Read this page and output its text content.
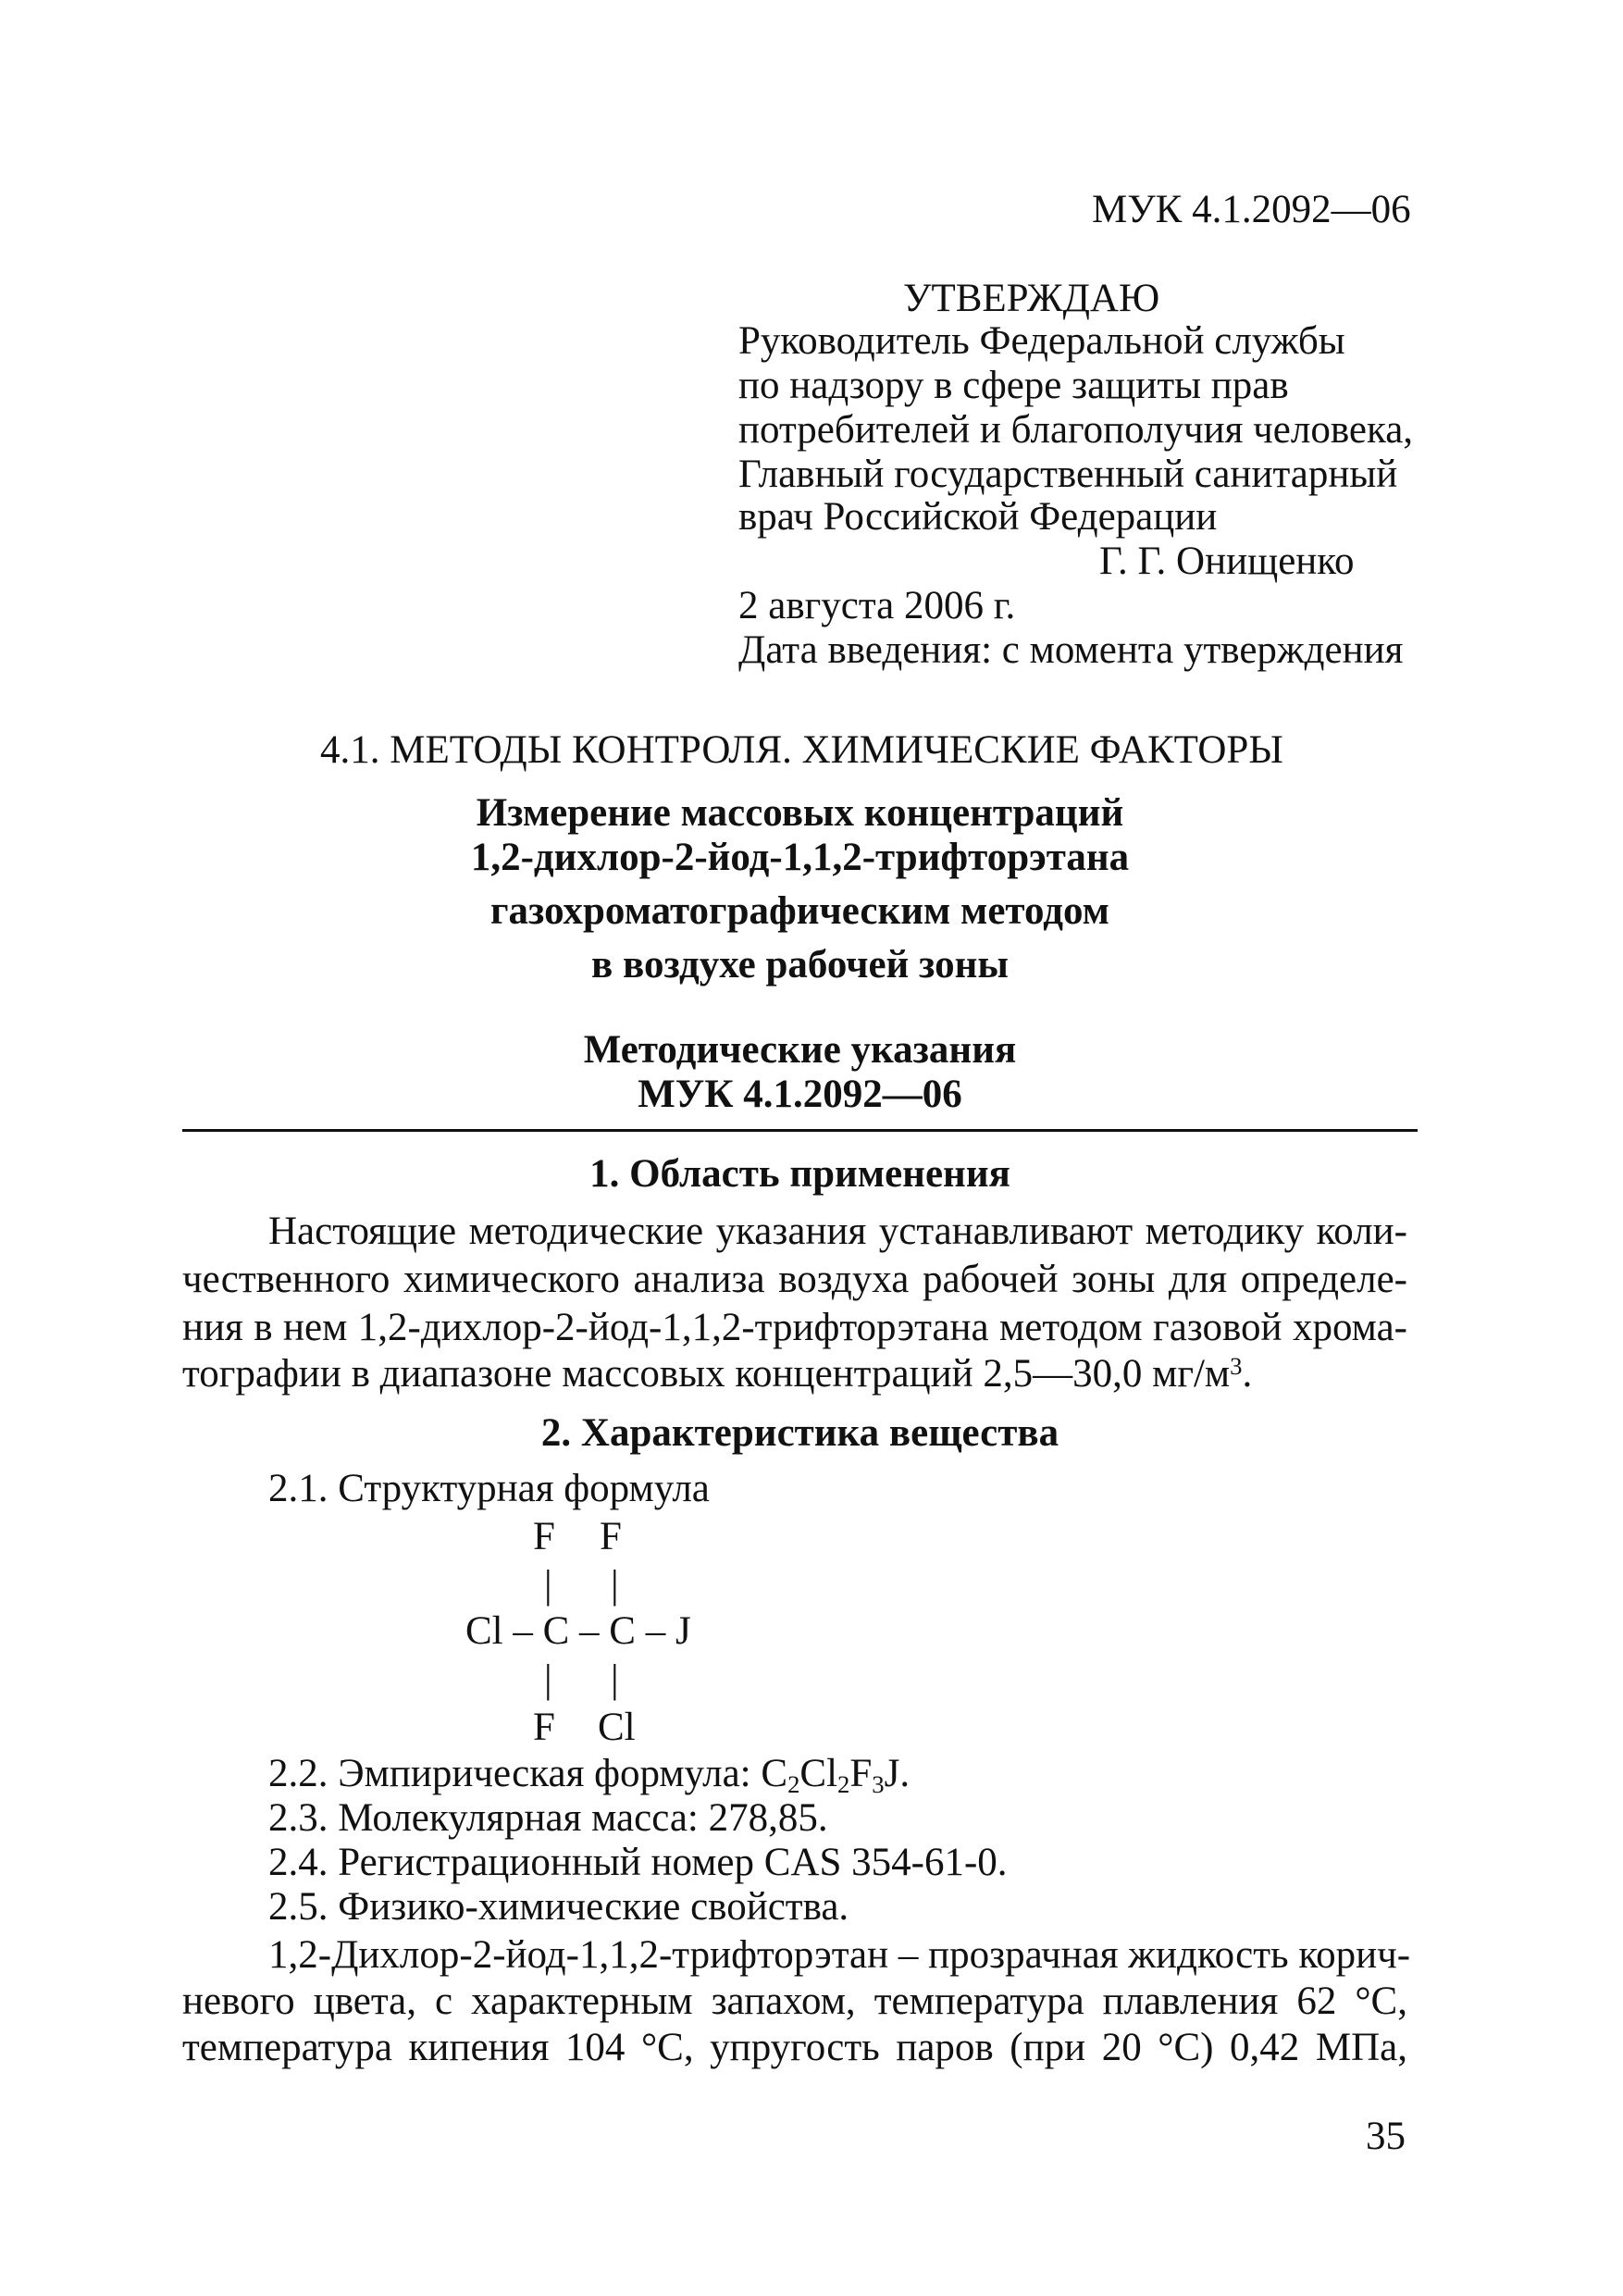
МУК 4.1.2092—06
УТВЕРЖДАЮ
Руководитель Федеральной службы
по надзору в сфере защиты прав
потребителей и благополучия человека,
Главный государственный санитарный
врач Российской Федерации
Г. Г. Онищенко
2 августа 2006 г.
Дата введения: с момента утверждения
4.1. МЕТОДЫ КОНТРОЛЯ. ХИМИЧЕСКИЕ ФАКТОРЫ
Измерение массовых концентраций
1,2-дихлор-2-йод-1,1,2-трифторэтана
газохроматографическим методом
в воздухе рабочей зоны
Методические указания
МУК 4.1.2092—06
1. Область применения
Настоящие методические указания устанавливают методику коли-
чественного химического анализа воздуха рабочей зоны для определе-
ния в нем 1,2-дихлор-2-йод-1,1,2-трифторэтана методом газовой хрома-
тографии в диапазоне массовых концентраций 2,5—30,0 $мг/м^3$.
2. Характеристика вещества
2.1. Структурная формула
F F
| |
Cl – C – C – J
| |
F Cl
2.2. Эмпирическая формула: C2Cl2F3J.
2.3. Молекулярная масса: 278,85.
2.4. Регистрационный номер CAS 354-61-0.
2.5. Физико-химические свойства.
1,2-Дихлор-2-йод-1,1,2-трифторэтан – прозрачная жидкость корич-
невого цвета, с характерным запахом, температура плавления 62 °С,
температура кипения 104 °С, упругость паров (при 20 °С) 0,42 МПа,
35
